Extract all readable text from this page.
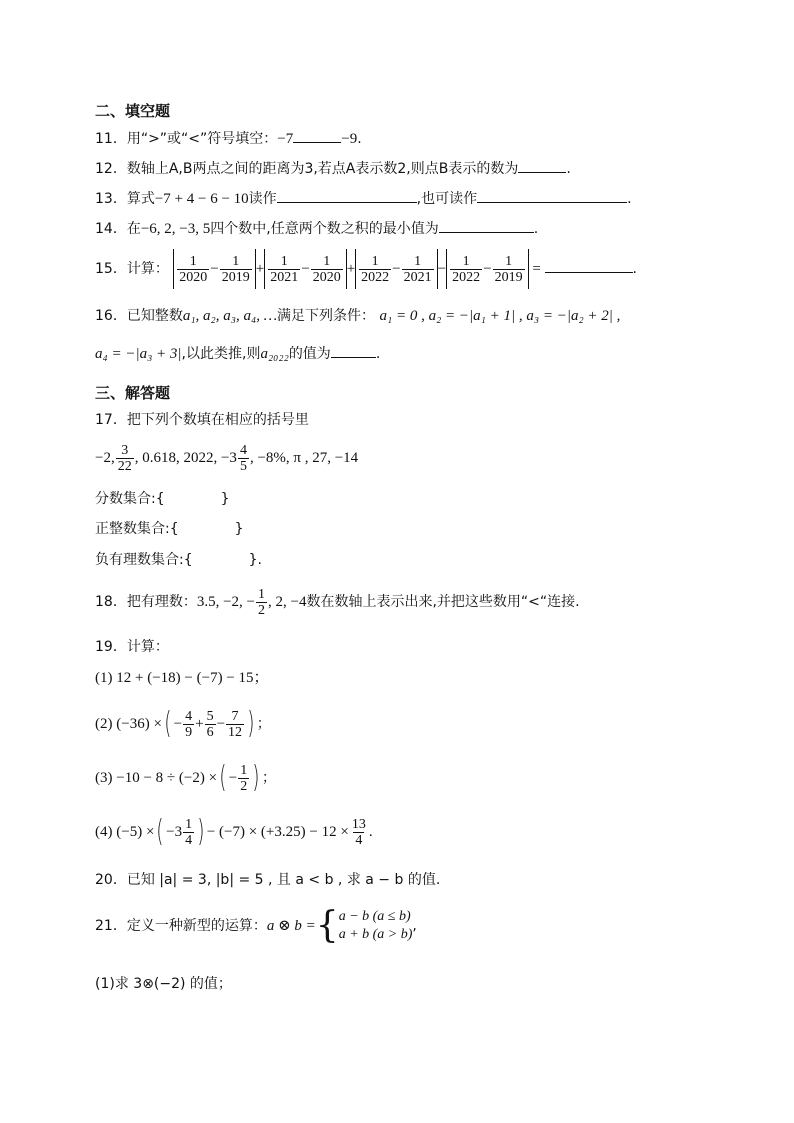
二、填空题
11．用“>”或“<”符号填空：−7	−9.
12．数轴上A,B两点之间的距离为3,若点A表示数2,则点B表示的数为	.
13．算式−7 + 4 − 6 − 10读作	,也可读作	.
14．在−6, 2, −3, 5四个数中,任意两个数之积的最小值为	.
15．计算： $\frac{1}{2020} - \frac{1}{2019} + \frac{1}{2021} - \frac{1}{2020} + \frac{1}{2022} - \frac{1}{2021} - \frac{1}{2022} - \frac{1}{2019}$ =	.
16．已知整数a₁, a₂, a₃, a₄, …满足下列条件： a₁ = 0 , a₂ = −|a₁ + 1| , a₃ = −|a₂ + 2| ,
a₄ = −|a₃ + 3|,以此类推,则a₂₀₂₂的值为	.
三、解答题
17．把下列个数填在相应的括号里
−2, $\frac{3}{22}$ , 0.618, 2022, $-3 \frac{4}{5}$ , −8%, π , 27, −14
分数集合:{　　　　}
正整数集合:{　　　　}
负有理数集合:{　　　　}.
18．把有理数：3.5, −2, − $\frac{1}{2}$ , 2, −4数在数轴上表示出来,并把这些数用“<“连接.
19．计算：
(1) 12 + (−18) − (−7) − 15；
(2) (−36) ×( − $\frac{4}{9} + \frac{5}{6} - \frac{7}{12}$ ) ；
(3) −10 − 8 ÷ (−2) ×( − $\frac{1}{2}$ ) ；
(4) (−5) ×( $-3 \frac{1}{4}$ ) − $(-7) \times (+3.25) - 12 \times \frac{13}{4}$ .
20．已知 |a| = 3, |b| = 5 , 且 a < b , 求 a − b 的值.
21．定义一种新型的运算：a ⊗ b ={ a − b (a ≤ b)
a + b (a > b)
,
(1)求 3⊗(−2) 的值；
